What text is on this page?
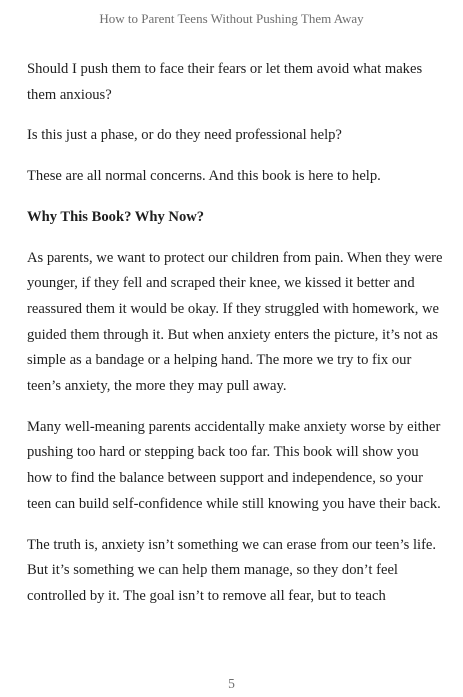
How to Parent Teens Without Pushing Them Away

Should I push them to face their fears or let them avoid what makes them anxious?

Is this just a phase, or do they need professional help?

These are all normal concerns. And this book is here to help.

Why This Book? Why Now?

As parents, we want to protect our children from pain. When they were younger, if they fell and scraped their knee, we kissed it better and reassured them it would be okay. If they struggled with homework, we guided them through it. But when anxiety enters the picture, it’s not as simple as a bandage or a helping hand. The more we try to fix our teen’s anxiety, the more they may pull away.

Many well-meaning parents accidentally make anxiety worse by either pushing too hard or stepping back too far. This book will show you how to find the balance between support and independence, so your teen can build self-confidence while still knowing you have their back.

The truth is, anxiety isn’t something we can erase from our teen’s life. But it’s something we can help them manage, so they don’t feel controlled by it. The goal isn’t to remove all fear, but to teach

5
